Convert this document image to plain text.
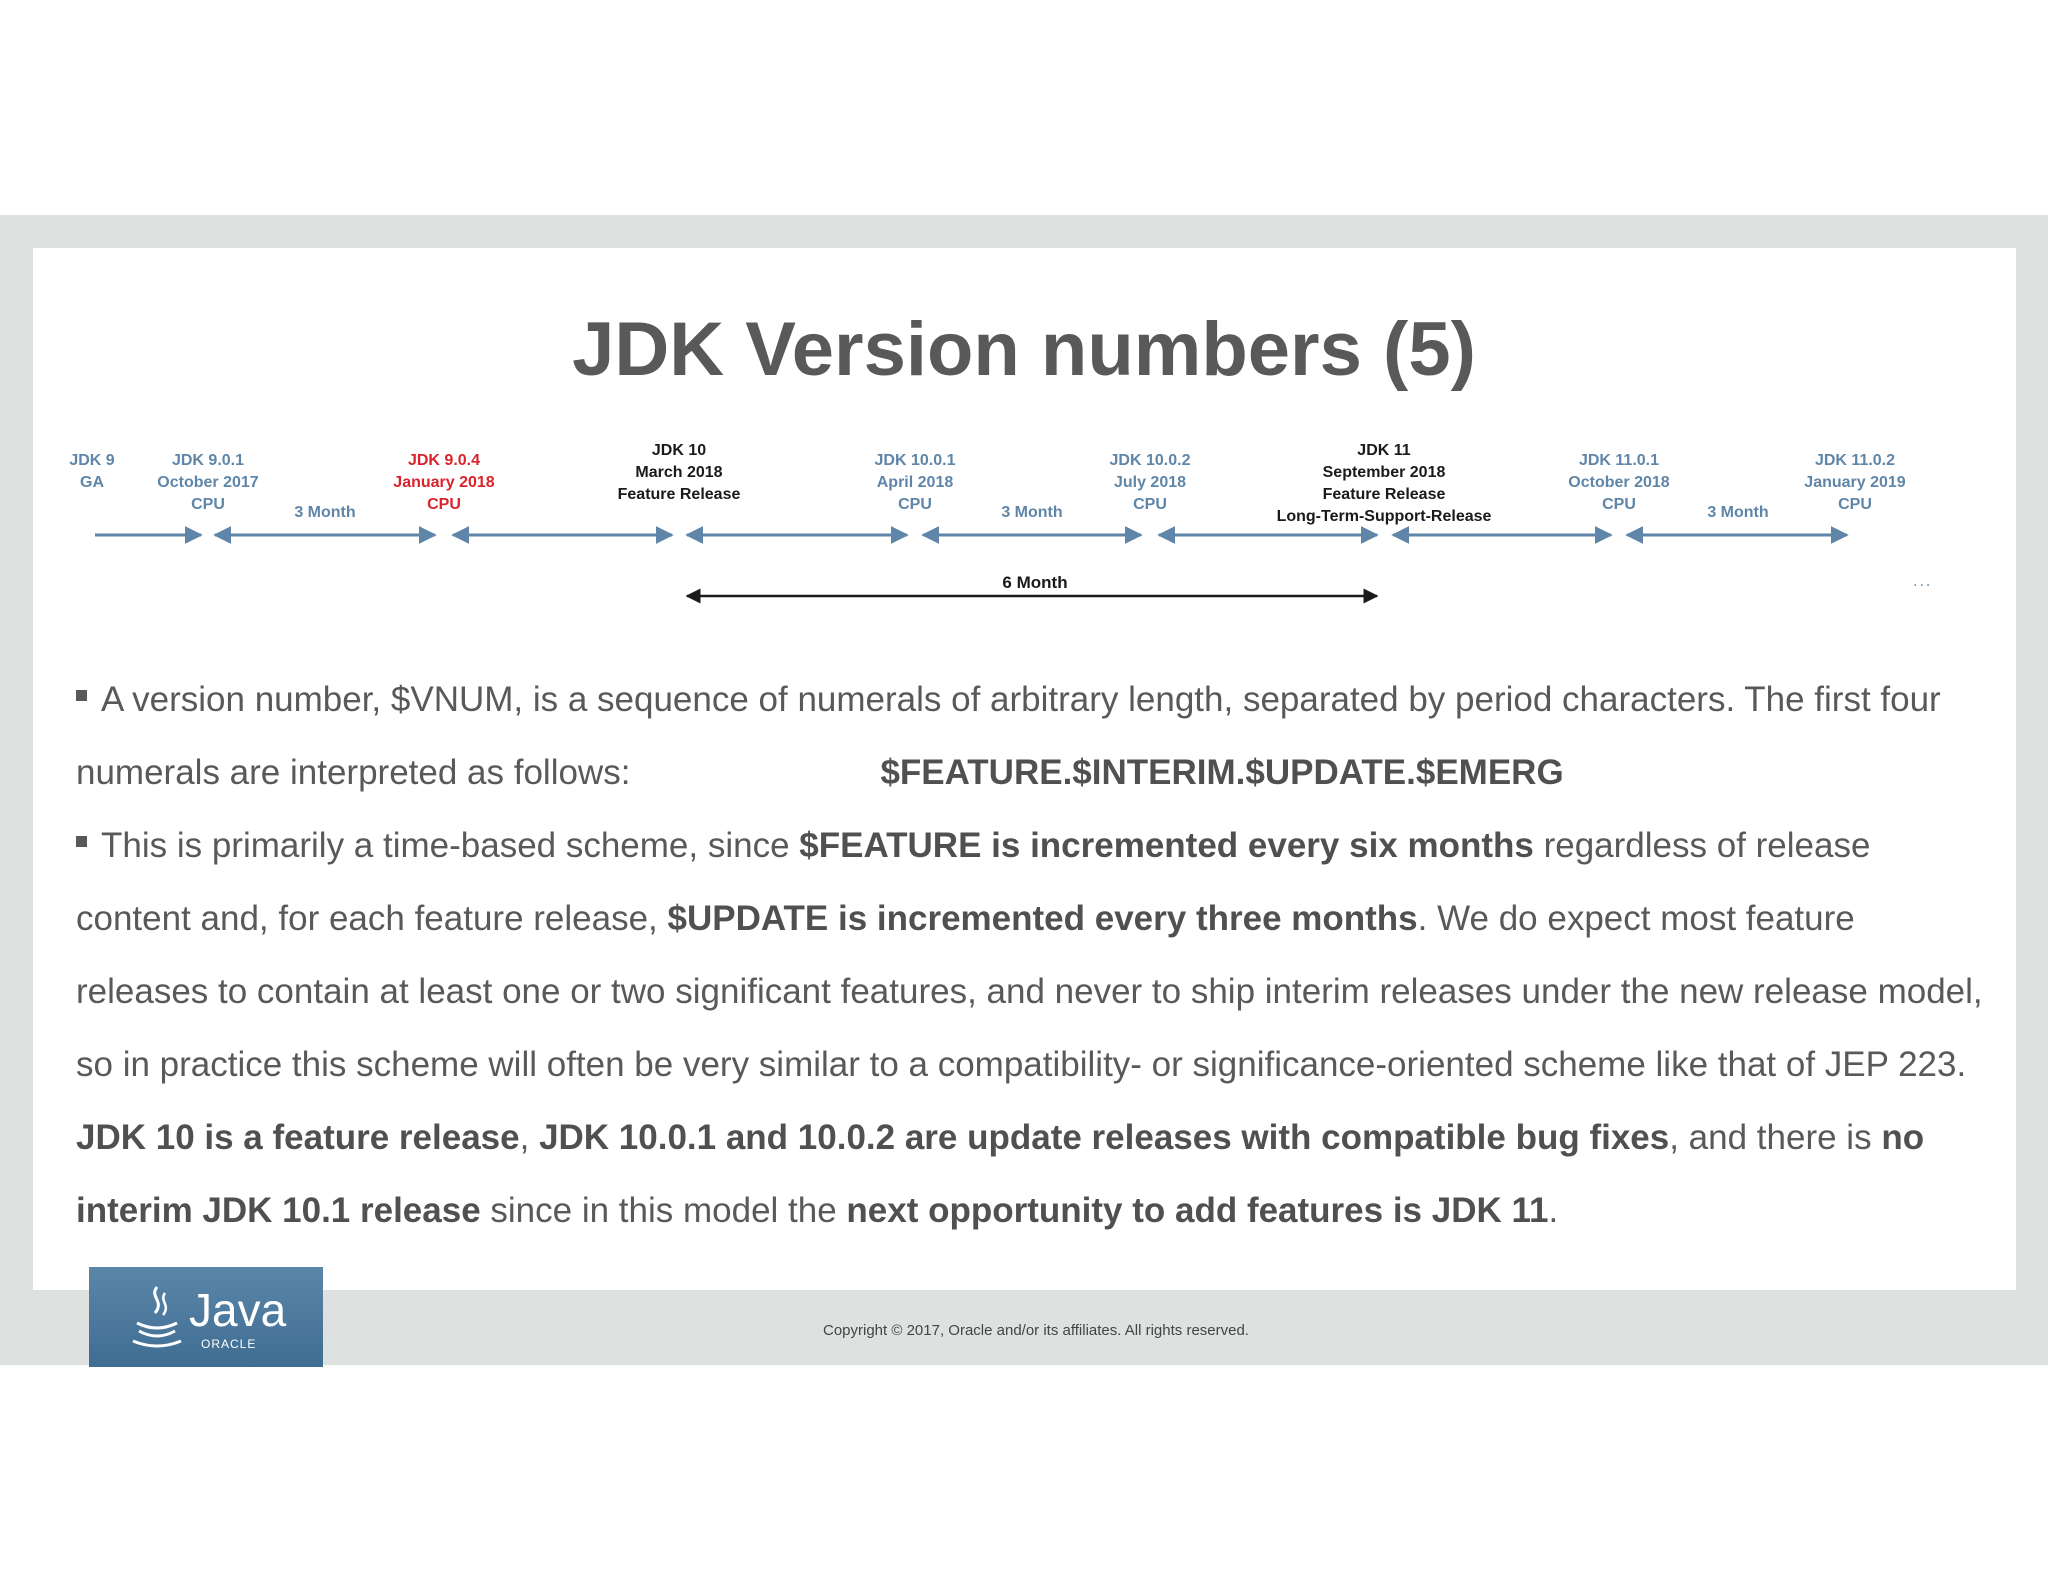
JDK Version numbers (5)
JDK 9
GA
JDK 9.0.1
October 2017
CPU
JDK 9.0.4
January 2018
CPU
JDK 10
March 2018
Feature Release
JDK 10.0.1
April 2018
CPU
JDK 10.0.2
July 2018
CPU
JDK 11
September 2018
Feature Release
Long-Term-Support-Release
JDK 11.0.1
October 2018
CPU
JDK 11.0.2
January 2019
CPU
3 Month	3 Month	3 Month
6 Month	...

A version number, $VNUM, is a sequence of numerals of arbitrary length, separated by period characters. The first four numerals are interpreted as follows:	$FEATURE.$INTERIM.$UPDATE.$EMERG

This is primarily a time-based scheme, since $FEATURE is incremented every six months regardless of release content and, for each feature release, $UPDATE is incremented every three months. We do expect most feature releases to contain at least one or two significant features, and never to ship interim releases under the new release model, so in practice this scheme will often be very similar to a compatibility- or significance-oriented scheme like that of JEP 223. JDK 10 is a feature release, JDK 10.0.1 and 10.0.2 are update releases with compatible bug fixes, and there is no interim JDK 10.1 release since in this model the next opportunity to add features is JDK 11.

Java
ORACLE
Copyright © 2017, Oracle and/or its affiliates. All rights reserved.
